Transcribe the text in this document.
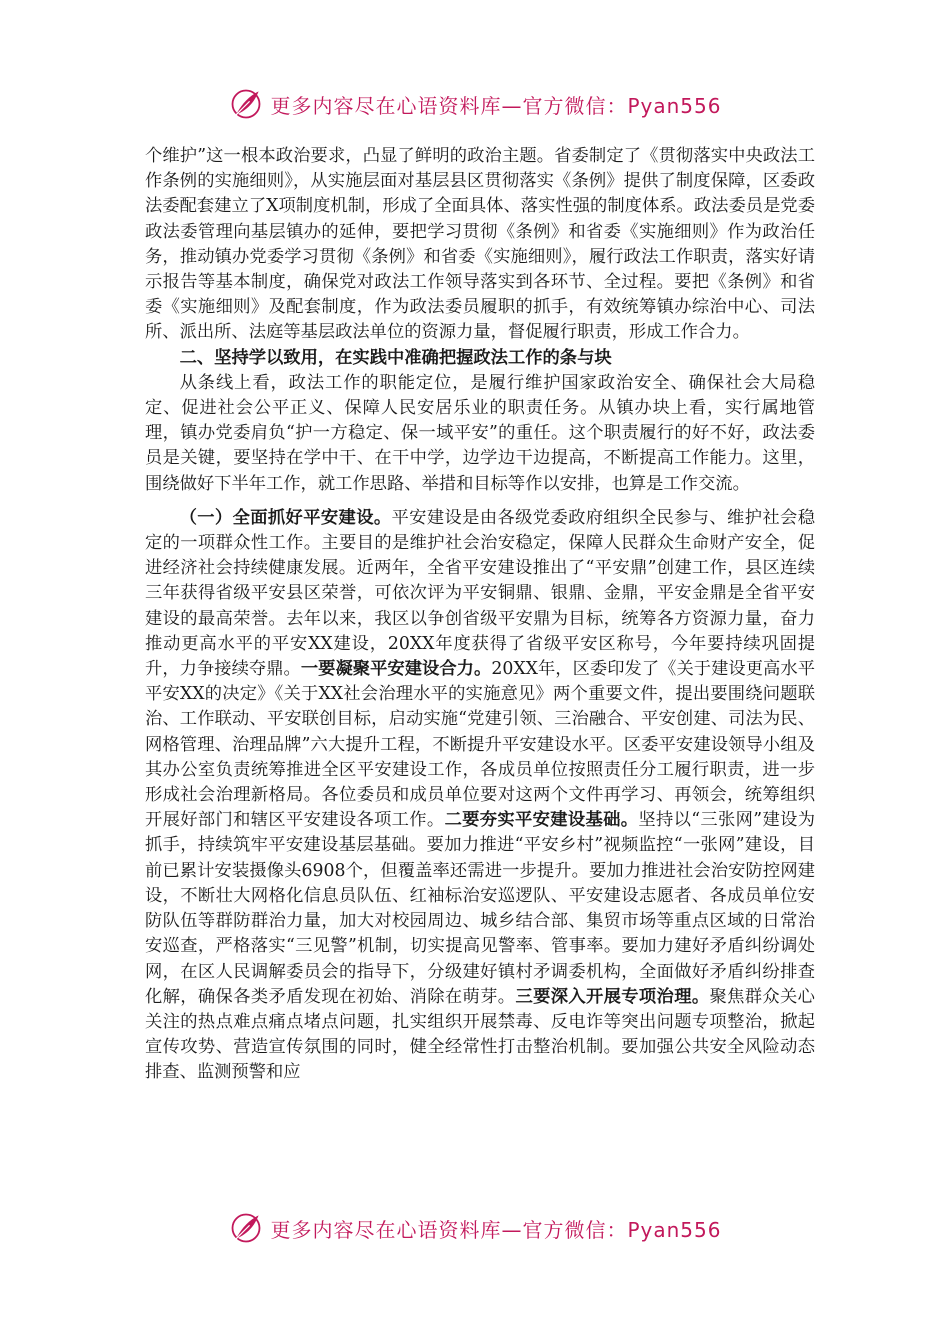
更多内容尽在心语资料库—官方微信：Pyan556

个维护”这一根本政治要求，凸显了鲜明的政治主题。省委制定了《贯彻落实中央政法工作条例的实施细则》，从实施层面对基层县区贯彻落实《条例》提供了制度保障，区委政法委配套建立了X项制度机制，形成了全面具体、落实性强的制度体系。政法委员是党委政法委管理向基层镇办的延伸，要把学习贯彻《条例》和省委《实施细则》作为政治任务，推动镇办党委学习贯彻《条例》和省委《实施细则》，履行政法工作职责，落实好请示报告等基本制度，确保党对政法工作领导落实到各环节、全过程。要把《条例》和省委《实施细则》及配套制度，作为政法委员履职的抓手，有效统筹镇办综治中心、司法所、派出所、法庭等基层政法单位的资源力量，督促履行职责，形成工作合力。

二、坚持学以致用，在实践中准确把握政法工作的条与块

从条线上看，政法工作的职能定位，是履行维护国家政治安全、确保社会大局稳定、促进社会公平正义、保障人民安居乐业的职责任务。从镇办块上看，实行属地管理，镇办党委肩负“护一方稳定、保一域平安”的重任。这个职责履行的好不好，政法委员是关键，要坚持在学中干、在干中学，边学边干边提高，不断提高工作能力。这里，围绕做好下半年工作，就工作思路、举措和目标等作以安排，也算是工作交流。

（一）全面抓好平安建设。平安建设是由各级党委政府组织全民参与、维护社会稳定的一项群众性工作。主要目的是维护社会治安稳定，保障人民群众生命财产安全，促进经济社会持续健康发展。近两年，全省平安建设推出了“平安鼎”创建工作，县区连续三年获得省级平安县区荣誉，可依次评为平安铜鼎、银鼎、金鼎，平安金鼎是全省平安建设的最高荣誉。去年以来，我区以争创省级平安鼎为目标，统筹各方资源力量，奋力推动更高水平的平安XX建设，20XX年度获得了省级平安区称号，今年要持续巩固提升，力争接续夺鼎。一要凝聚平安建设合力。20XX年，区委印发了《关于建设更高水平平安XX的决定》《关于XX社会治理水平的实施意见》两个重要文件，提出要围绕问题联治、工作联动、平安联创目标，启动实施“党建引领、三治融合、平安创建、司法为民、网格管理、治理品牌”六大提升工程，不断提升平安建设水平。区委平安建设领导小组及其办公室负责统筹推进全区平安建设工作，各成员单位按照责任分工履行职责，进一步形成社会治理新格局。各位委员和成员单位要对这两个文件再学习、再领会，统筹组织开展好部门和辖区平安建设各项工作。二要夯实平安建设基础。坚持以“三张网”建设为抓手，持续筑牢平安建设基层基础。要加力推进“平安乡村”视频监控“一张网”建设，目前已累计安装摄像头6908个，但覆盖率还需进一步提升。要加力推进社会治安防控网建设，不断壮大网格化信息员队伍、红袖标治安巡逻队、平安建设志愿者、各成员单位安防队伍等群防群治力量，加大对校园周边、城乡结合部、集贸市场等重点区域的日常治安巡查，严格落实“三见警”机制，切实提高见警率、管事率。要加力建好矛盾纠纷调处网，在区人民调解委员会的指导下，分级建好镇村矛调委机构，全面做好矛盾纠纷排查化解，确保各类矛盾发现在初始、消除在萌芽。三要深入开展专项治理。聚焦群众关心关注的热点难点痛点堵点问题，扎实组织开展禁毒、反电诈等突出问题专项整治，掀起宣传攻势、营造宣传氛围的同时，健全经常性打击整治机制。要加强公共安全风险动态排查、监测预警和应

更多内容尽在心语资料库—官方微信：Pyan556
